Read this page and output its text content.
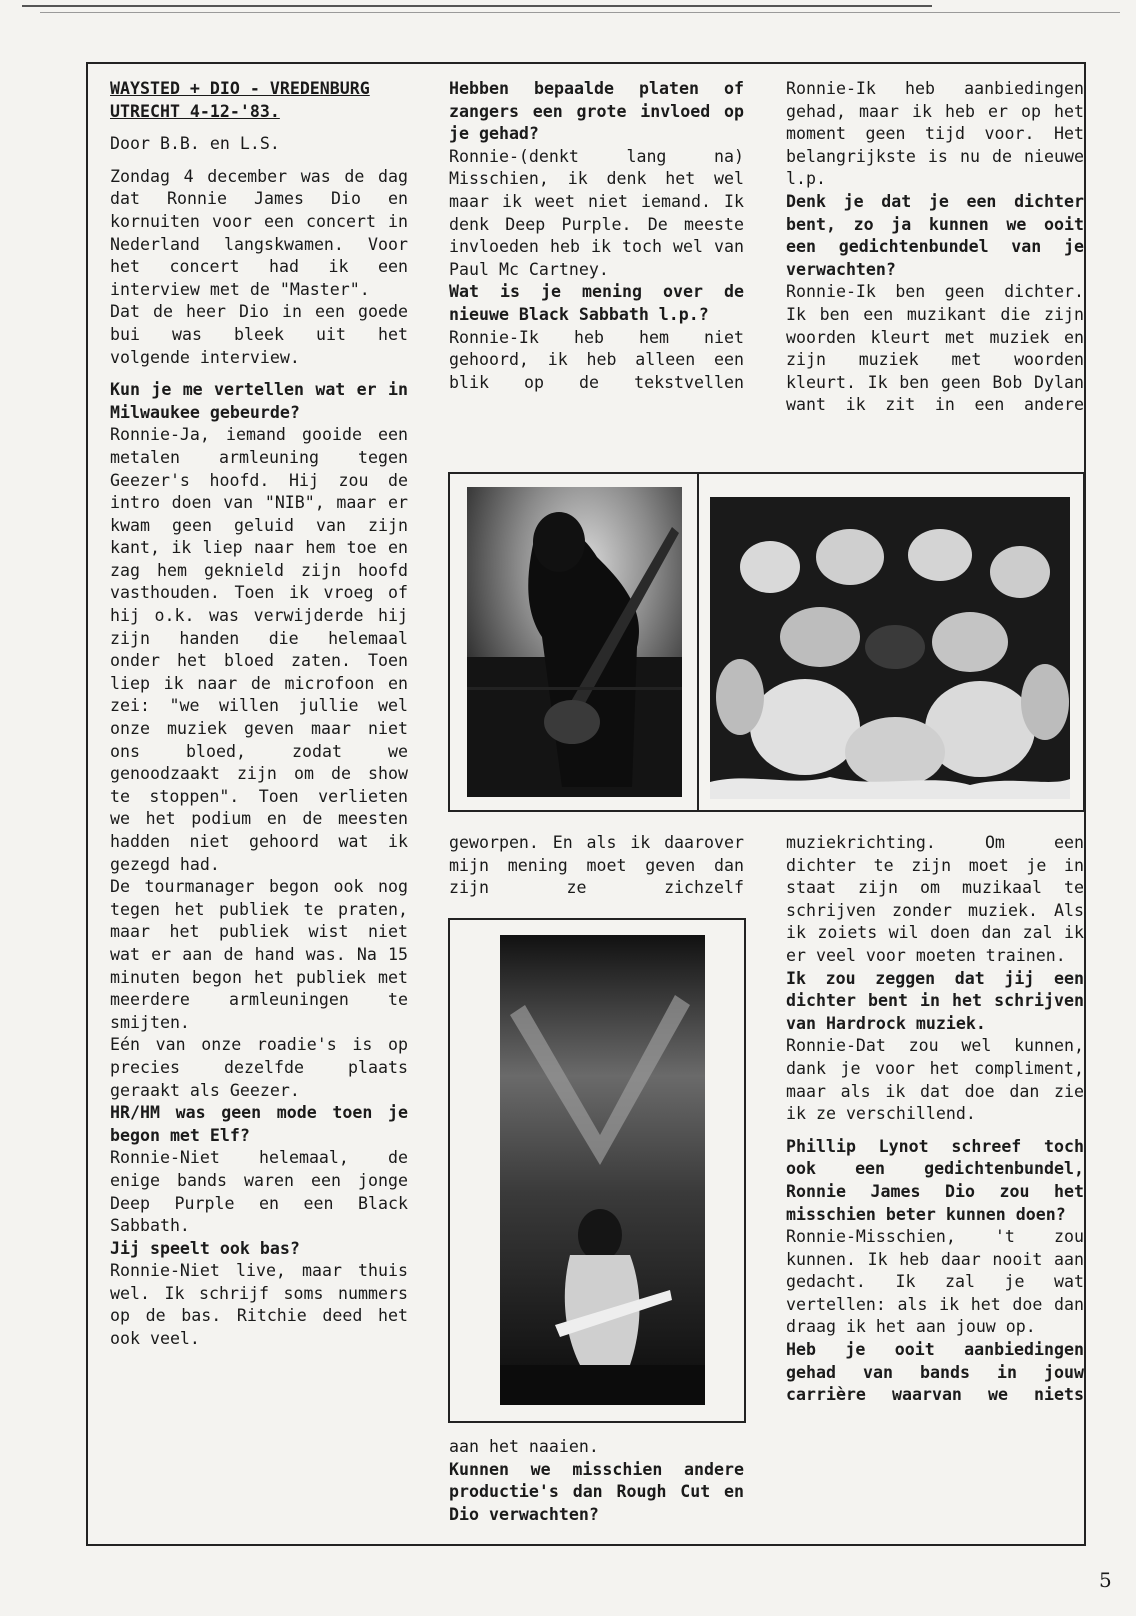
WAYSTED + DIO - VREDENBURG

UTRECHT 4-12-'83.

Door B.B. en L.S.

Zondag 4 december was de dag dat Ronnie James Dio en kornuiten voor een concert in Nederland langskwamen. Voor het concert had ik een interview met de "Master".

Dat de heer Dio in een goede bui was bleek uit het volgende interview.

Kun je me vertellen wat er in Milwaukee gebeurde?

Ronnie-Ja, iemand gooide een metalen armleuning tegen Geezer's hoofd. Hij zou de intro doen van "NIB", maar er kwam geen geluid van zijn kant, ik liep naar hem toe en zag hem geknield zijn hoofd vasthouden. Toen ik vroeg of hij o.k. was verwijderde hij zijn handen die helemaal onder het bloed zaten. Toen liep ik naar de microfoon en zei: "we willen jullie wel onze muziek geven maar niet ons bloed, zodat we genoodzaakt zijn om de show te stoppen". Toen verlieten we het podium en de meesten hadden niet gehoord wat ik gezegd had.

De tourmanager begon ook nog tegen het publiek te praten, maar het publiek wist niet wat er aan de hand was. Na 15 minuten begon het publiek met meerdere armleuningen te smijten.

Eén van onze roadie's is op precies dezelfde plaats geraakt als Geezer.

HR/HM was geen mode toen je begon met Elf?

Ronnie-Niet helemaal, de enige bands waren een jonge Deep Purple en een Black Sabbath.

Jij speelt ook bas?

Ronnie-Niet live, maar thuis wel. Ik schrijf soms nummers op de bas. Ritchie deed het ook veel.

Hebben bepaalde platen of zangers een grote invloed op je gehad?

Ronnie-(denkt lang na) Misschien, ik denk het wel maar ik weet niet iemand. Ik denk Deep Purple. De meeste invloeden heb ik toch wel van Paul Mc Cartney.

Wat is je mening over de nieuwe Black Sabbath l.p.?

Ronnie-Ik heb hem niet gehoord, ik heb alleen een blik op de tekstvellen

Ronnie-Ik heb aanbiedingen gehad, maar ik heb er op het moment geen tijd voor. Het belangrijkste is nu de nieuwe l.p.

Denk je dat je een dichter bent, zo ja kunnen we ooit een gedichtenbundel van je verwachten?

Ronnie-Ik ben geen dichter. Ik ben een muzikant die zijn woorden kleurt met muziek en zijn muziek met woorden kleurt. Ik ben geen Bob Dylan want ik zit in een andere

geworpen. En als ik daarover mijn mening moet geven dan zijn ze zichzelf

muziekrichting. Om een dichter te zijn moet je in staat zijn om muzikaal te schrijven zonder muziek. Als ik zoiets wil doen dan zal ik er veel voor moeten trainen.

Ik zou zeggen dat jij een dichter bent in het schrijven van Hardrock muziek.

Ronnie-Dat zou wel kunnen, dank je voor het compliment, maar als ik dat doe dan zie ik ze verschillend.

Phillip Lynot schreef toch ook een gedichtenbundel, Ronnie James Dio zou het misschien beter kunnen doen?

Ronnie-Misschien, 't zou kunnen. Ik heb daar nooit aan gedacht. Ik zal je wat vertellen: als ik het doe dan draag ik het aan jouw op.

Heb je ooit aanbiedingen gehad van bands in jouw carrière waarvan we niets

aan het naaien.

Kunnen we misschien andere productie's dan Rough Cut en Dio verwachten?

5
